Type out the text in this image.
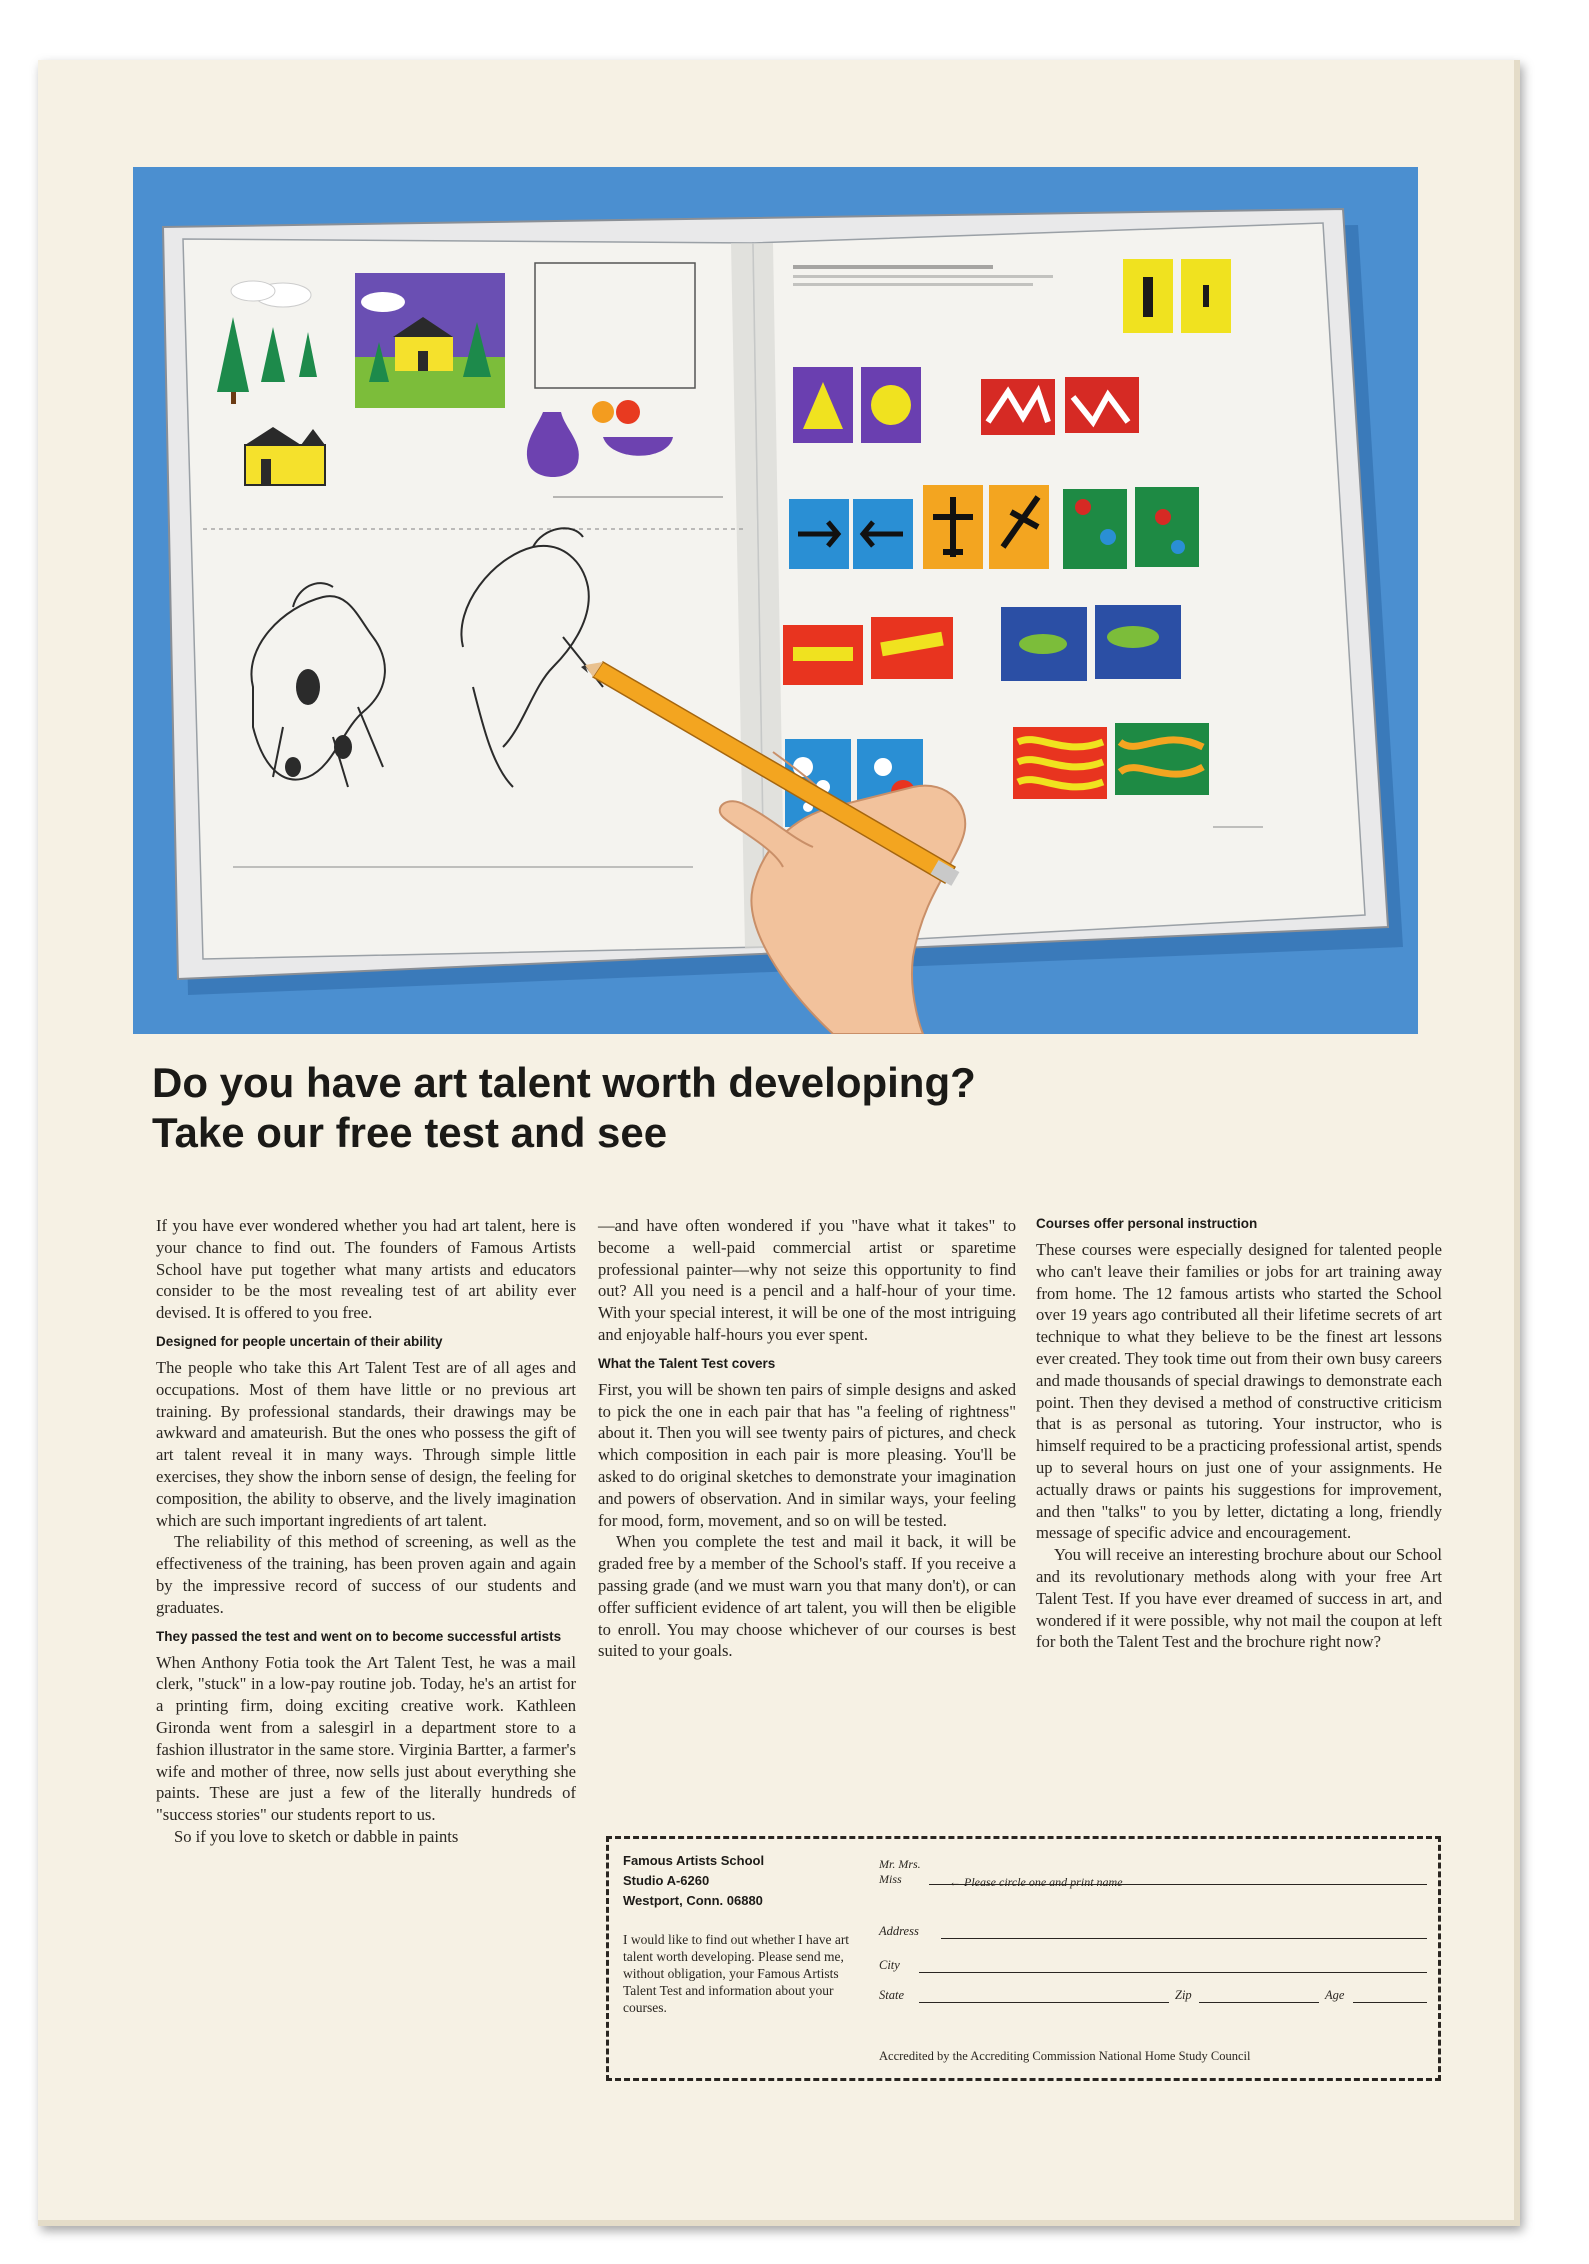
Do you have art talent worth developing?
Take our free test and see

If you have ever wondered whether you had art talent, here is your chance to find out. The founders of Famous Artists School have put together what many artists and educators consider to be the most revealing test of art ability ever devised. It is offered to you free.

Designed for people uncertain of their ability

The people who take this Art Talent Test are of all ages and occupations. Most of them have little or no previous art training. By professional standards, their drawings may be awkward and amateurish. But the ones who possess the gift of art talent reveal it in many ways. Through simple little exercises, they show the inborn sense of design, the feeling for composition, the ability to observe, and the lively imagination which are such important ingredients of art talent.

The reliability of this method of screening, as well as the effectiveness of the training, has been proven again and again by the impressive record of success of our students and graduates.

They passed the test and went on to become successful artists

When Anthony Fotia took the Art Talent Test, he was a mail clerk, "stuck" in a low-pay routine job. Today, he's an artist for a printing firm, doing exciting creative work. Kathleen Gironda went from a salesgirl in a department store to a fashion illustrator in the same store. Virginia Bartter, a farmer's wife and mother of three, now sells just about everything she paints. These are just a few of the literally hundreds of "success stories" our students report to us.

So if you love to sketch or dabble in paints

—and have often wondered if you "have what it takes" to become a well-paid commercial artist or sparetime professional painter—why not seize this opportunity to find out? All you need is a pencil and a half-hour of your time. With your special interest, it will be one of the most intriguing and enjoyable half-hours you ever spent.

What the Talent Test covers

First, you will be shown ten pairs of simple designs and asked to pick the one in each pair that has "a feeling of rightness" about it. Then you will see twenty pairs of pictures, and check which composition in each pair is more pleasing. You'll be asked to do original sketches to demonstrate your imagination and powers of observation. And in similar ways, your feeling for mood, form, movement, and so on will be tested.

When you complete the test and mail it back, it will be graded free by a member of the School's staff. If you receive a passing grade (and we must warn you that many don't), or can offer sufficient evidence of art talent, you will then be eligible to enroll. You may choose whichever of our courses is best suited to your goals.

Courses offer personal instruction

These courses were especially designed for talented people who can't leave their families or jobs for art training away from home. The 12 famous artists who started the School over 19 years ago contributed all their lifetime secrets of art technique to what they believe to be the finest art lessons ever created. They took time out from their own busy careers and made thousands of special drawings to demonstrate each point. Then they devised a method of constructive criticism that is as personal as tutoring. Your instructor, who is himself required to be a practicing professional artist, spends up to several hours on just one of your assignments. He actually draws or paints his suggestions for improvement, and then "talks" to you by letter, dictating a long, friendly message of specific advice and encouragement.

You will receive an interesting brochure about our School and its revolutionary methods along with your free Art Talent Test. If you have ever dreamed of success in art, and wondered if it were possible, why not mail the coupon at left for both the Talent Test and the brochure right now?

Famous Artists School
Studio A-6260
Westport, Conn. 06880
I would like to find out whether I have art talent worth developing. Please send me, without obligation, your Famous Artists Talent Test and information about your courses.
Mr. Mrs. Miss	← Please circle one and print name
Address
City
State	Zip	Age
Accredited by the Accrediting Commission National Home Study Council
